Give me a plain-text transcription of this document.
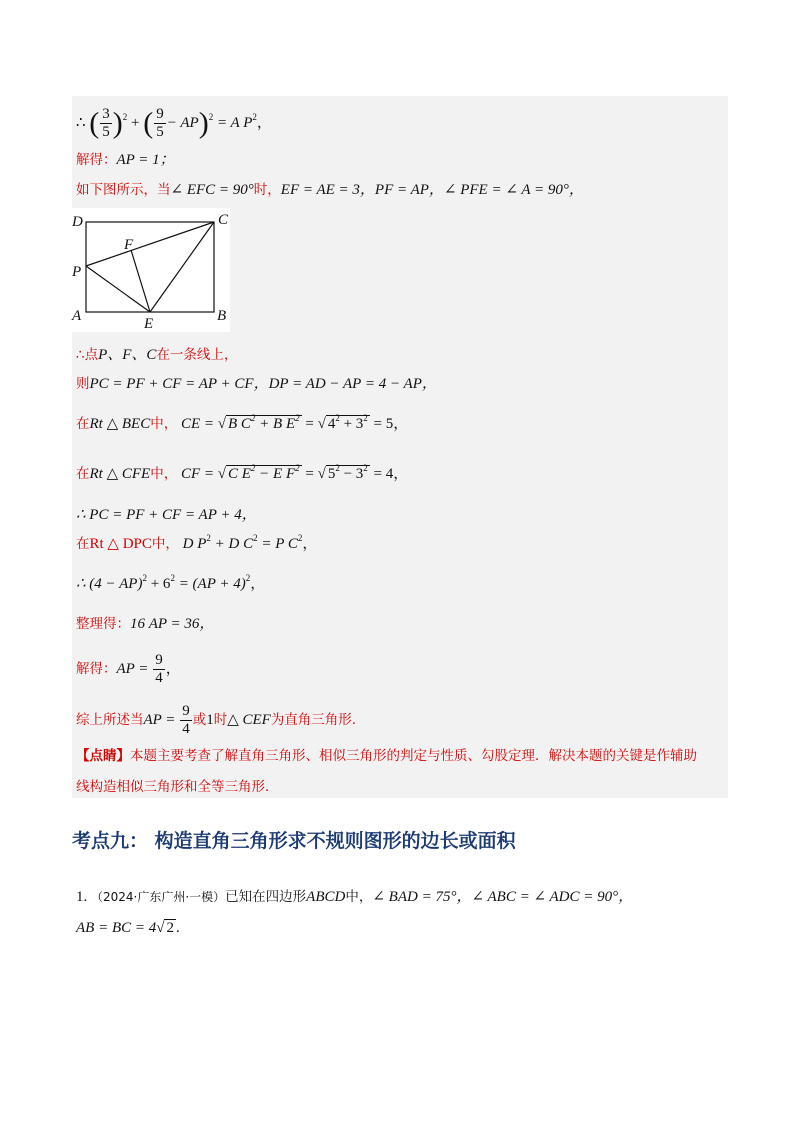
∴ ( $\frac{3}{5} )^2$ + ( $\frac{9}{5} - AP)^2 = A$ $P^2$，
解得：AP = 1；
如下图所示，当∠ EFC = 90°时，EF = AE = 3，PF = AP，∠ PFE = ∠ A = 90°，
D	C
F
P
A	E	B
∴点P、F、C在一条线上，
则PC = PF + CF = AP + CF，DP = AD − AP = 4 − AP，
在Rt △ BEC中， CE = √ B $C^2 + B$ $E^2$ = √ $4^2 + 3^2 = 5$，
在Rt △ CFE中， CF = √ C $E^2 - E$ $F^2$ = √ $5^2 - 3^2 = 4$，
∴ PC = PF + CF = AP + 4，
在Rt △ DPC中， D $P^2 + D$ $C^2 = P$ $C^2$，
∴ $(4 - AP)^2 + 6^2 = (AP + 4)^2$，
整理得：16 AP = 36，
解得：AP = $\frac{9}{4}$ ，
综上所述当AP = $\frac{9}{4}$ 或1时△ CEF为直角三角形.
【点睛】本题主要考查了解直角三角形、相似三角形的判定与性质、勾股定理．解决本题的关键是作辅助
线构造相似三角形和全等三角形．
考点九： 构造直角三角形求不规则图形的边长或面积
1. （2024·广东广州·一模）已知在四边形ABCD中，∠ BAD = 75°，∠ ABC = ∠ ADC = 90°，
AB = BC = 4√ 2 .
